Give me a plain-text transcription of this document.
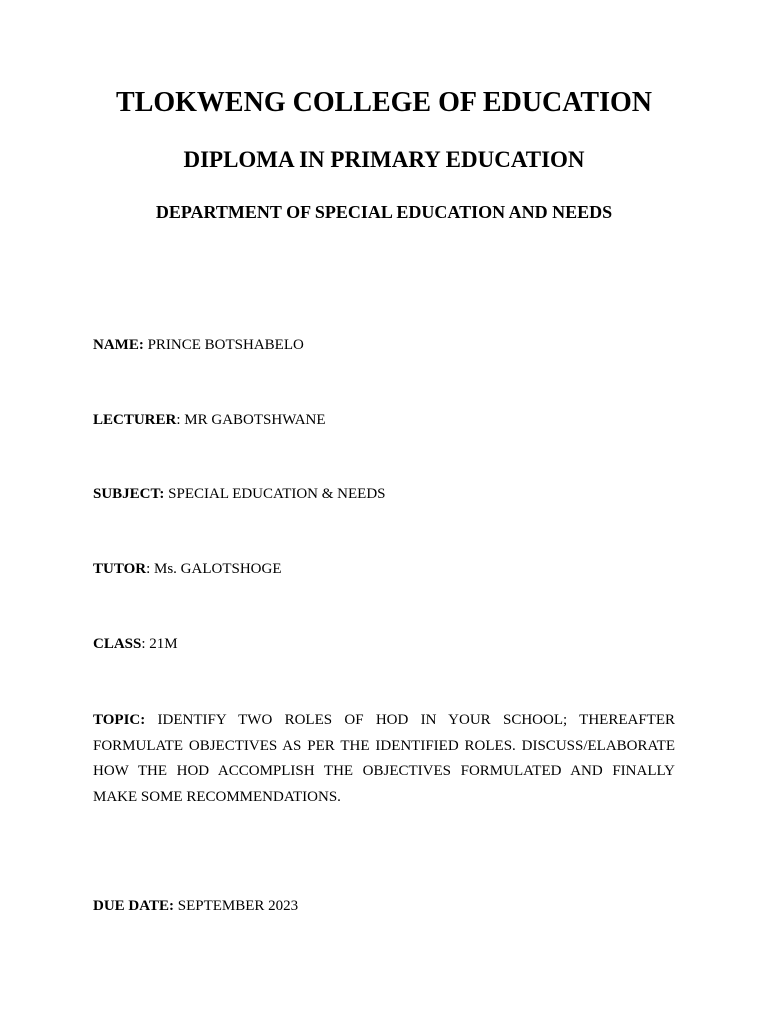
TLOKWENG COLLEGE OF EDUCATION
DIPLOMA IN PRIMARY EDUCATION
DEPARTMENT OF SPECIAL EDUCATION AND NEEDS

NAME: PRINCE BOTSHABELO

LECTURER: MR GABOTSHWANE

SUBJECT: SPECIAL EDUCATION & NEEDS

TUTOR: Ms. GALOTSHOGE

CLASS: 21M

TOPIC: IDENTIFY TWO ROLES OF HOD IN YOUR SCHOOL; THEREAFTER FORMULATE OBJECTIVES AS PER THE IDENTIFIED ROLES. DISCUSS/ELABORATE HOW THE HOD ACCOMPLISH THE OBJECTIVES FORMULATED AND FINALLY MAKE SOME RECOMMENDATIONS.

DUE DATE: SEPTEMBER 2023
